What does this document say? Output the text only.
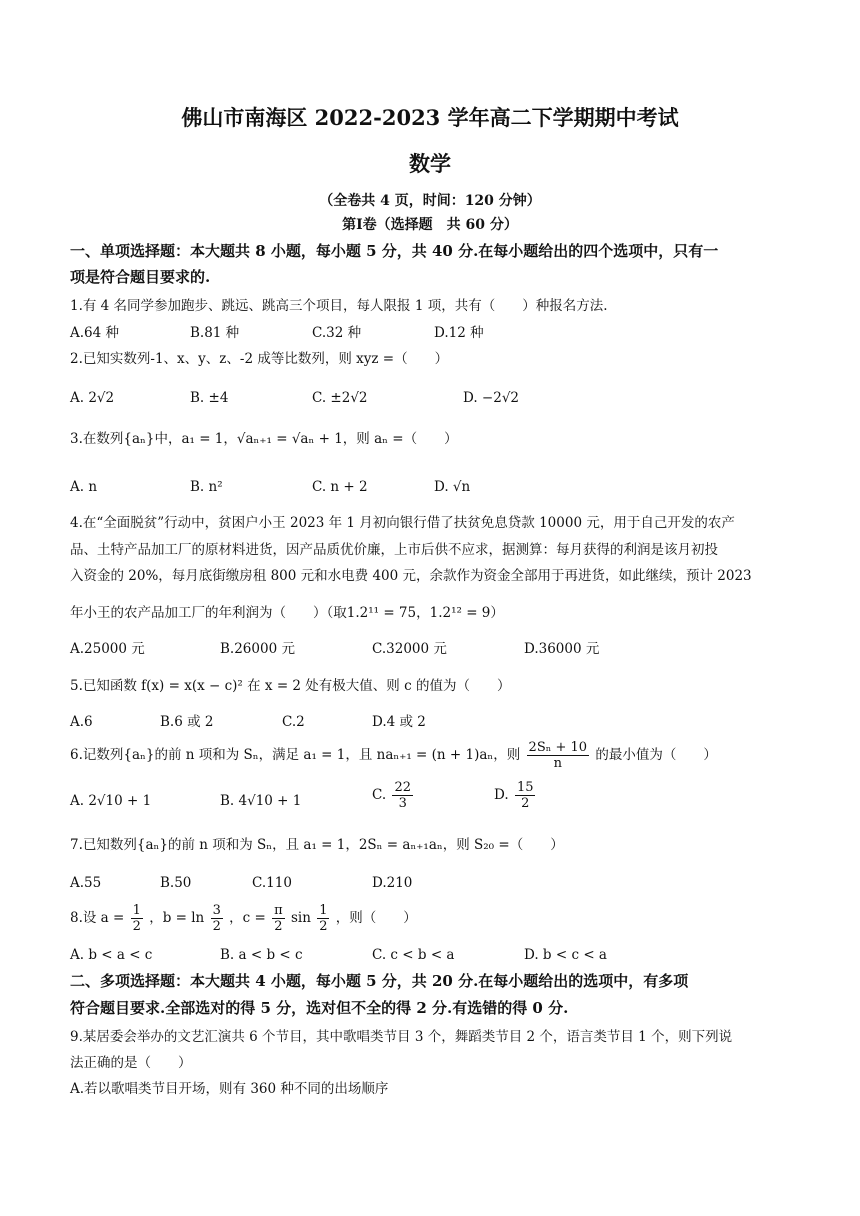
佛山市南海区 2022-2023 学年高二下学期期中考试
数学
（全卷共 4 页，时间：120 分钟）
第Ⅰ卷（选择题　共 60 分）
一、单项选择题：本大题共 8 小题，每小题 5 分，共 40 分.在每小题给出的四个选项中，只有一
项是符合题目要求的.
1.有 4 名同学参加跑步、跳远、跳高三个项目，每人限报 1 项，共有（　　）种报名方法.
A.64 种	B.81 种	C.32 种	D.12 种
2.已知实数列-1、x、y、z、-2 成等比数列，则 xyz =（　　）
A. 2√2	B. ±4	C. ±2√2	D. −2√2
3.在数列{aₙ}中，a₁ = 1，√aₙ₊₁ = √aₙ + 1，则 aₙ =（　　）
A. n	B. n²	C. n + 2	D. √n
4.在“全面脱贫”行动中，贫困户小王 2023 年 1 月初向银行借了扶贫免息贷款 10000 元，用于自己开发的农产
品、土特产品加工厂的原材料进货，因产品质优价廉，上市后供不应求，据测算：每月获得的利润是该月初投
入资金的 20%，每月底街缴房租 800 元和水电费 400 元，余款作为资金全部用于再进货，如此继续，预计 2023
年小王的农产品加工厂的年利润为（　　）（取1.2¹¹ = 75，1.2¹² = 9）
A.25000 元	B.26000 元	C.32000 元	D.36000 元
5.已知函数 f(x) = x(x − c)² 在 x = 2 处有极大值、则 c 的值为（　　）
A.6	B.6 或 2	C.2	D.4 或 2
6.记数列{aₙ}的前 n 项和为 Sₙ，满足 a₁ = 1，且 naₙ₊₁ = (n + 1)aₙ，则 $\frac{\text{2Sₙ + 10}}{n}$ 的最小值为（　　）
A. 2√10 + 1	B. 4√10 + 1	C. $\frac{22}{3}$	D. $\frac{15}{2}$
7.已知数列{aₙ}的前 n 项和为 Sₙ，且 a₁ = 1，2Sₙ = aₙ₊₁aₙ，则 S₂₀ =（　　）
A.55	B.50	C.110	D.210
8.设 $a = \frac{1}{2}$ ，$b = \ln \frac{3}{2}$ ，$c = \frac{\pi}{2}$ $\sin \frac{1}{2}$ ，则（　　）
A. b < a < c	B. a < b < c	C. c < b < a	D. b < c < a
二、多项选择题：本大题共 4 小题，每小题 5 分，共 20 分.在每小题给出的选项中，有多项
符合题目要求.全部选对的得 5 分，选对但不全的得 2 分.有选错的得 0 分.
9.某居委会举办的文艺汇演共 6 个节目，其中歌唱类节目 3 个，舞蹈类节目 2 个，语言类节目 1 个，则下列说
法正确的是（　　）
A.若以歌唱类节目开场，则有 360 种不同的出场顺序
